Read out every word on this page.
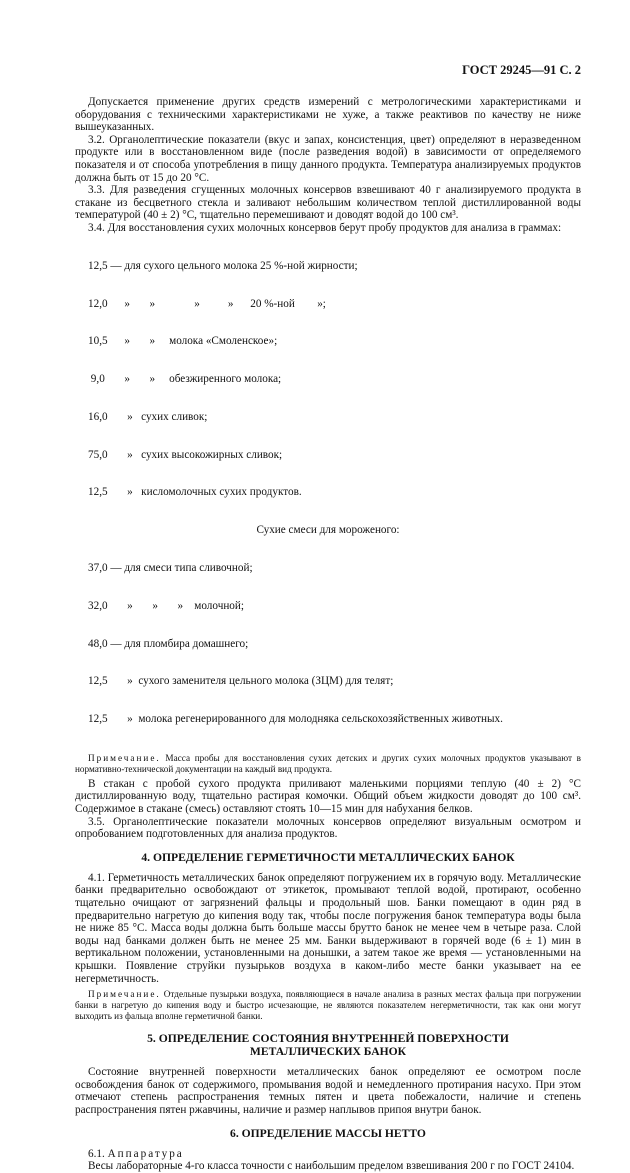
ГОСТ 29245—91 С. 2

Допускается применение других средств измерений с метрологическими характеристиками и оборудования с техническими характеристиками не хуже, а также реактивов по качеству не ниже вышеуказанных.

3.2. Органолептические показатели (вкус и запах, консистенция, цвет) определяют в неразведенном продукте или в восстановленном виде (после разведения водой) в зависимости от определяемого показателя и от способа употребления в пищу данного продукта. Температура анализируемых продуктов должна быть от 15 до 20 °С.

3.3. Для разведения сгущенных молочных консервов взвешивают 40 г анализируемого продукта в стакане из бесцветного стекла и заливают небольшим количеством теплой дистиллированной воды температурой (40 ± 2) °С, тщательно перемешивают и доводят водой до 100 см³.

3.4. Для восстановления сухих молочных консервов берут пробу продуктов для анализа в граммах:

12,5 — для сухого цельного молока 25 %-ной жирности;

12,0      »       »              »          »      20 %-ной        »;

10,5      »       »     молока «Смоленское»;

9,0       »       »     обезжиренного молока;

16,0       »   сухих сливок;

75,0       »   сухих высокожирных сливок;

12,5       »   кисломолочных сухих продуктов.

Сухие смеси для мороженого:

37,0 — для смеси типа сливочной;

32,0       »       »       »    молочной;

48,0 — для пломбира домашнего;

12,5       »  сухого заменителя цельного молока (ЗЦМ) для телят;

12,5       »  молока регенерированного для молодняка сельскохозяйственных животных.

Примечание. Масса пробы для восстановления сухих детских и других сухих молочных продуктов указывают в нормативно-технической документации на каждый вид продукта.

В стакан с пробой сухого продукта приливают маленькими порциями теплую (40 ± 2) °С дистиллированную воду, тщательно растирая комочки. Общий объем жидкости доводят до 100 см³. Содержимое в стакане (смесь) оставляют стоять 10—15 мин для набухания белков.

3.5. Органолептические показатели молочных консервов определяют визуальным осмотром и опробованием подготовленных для анализа продуктов.

4. ОПРЕДЕЛЕНИЕ ГЕРМЕТИЧНОСТИ МЕТАЛЛИЧЕСКИХ БАНОК

4.1. Герметичность металлических банок определяют погружением их в горячую воду. Металлические банки предварительно освобождают от этикеток, промывают теплой водой, протирают, особенно тщательно очищают от загрязнений фальцы и продольный шов. Банки помещают в один ряд в предварительно нагретую до кипения воду так, чтобы после погружения банок температура воды была не ниже 85 °С. Масса воды должна быть больше массы брутто банок не менее чем в четыре раза. Слой воды над банками должен быть не менее 25 мм. Банки выдерживают в горячей воде (6 ± 1) мин в вертикальном положении, установленными на донышки, а затем такое же время — установленными на крышки. Появление струйки пузырьков воздуха в каком-либо месте банки указывает на ее негерметичность.

Примечание. Отдельные пузырьки воздуха, появляющиеся в начале анализа в разных местах фальца при погружении банки в нагретую до кипения воду и быстро исчезающие, не являются показателем негерметичности, так как они могут выходить из фальца вполне герметичной банки.

5. ОПРЕДЕЛЕНИЕ СОСТОЯНИЯ ВНУТРЕННЕЙ ПОВЕРХНОСТИ
МЕТАЛЛИЧЕСКИХ БАНОК

Состояние внутренней поверхности металлических банок определяют ее осмотром после освобождения банок от содержимого, промывания водой и немедленного протирания насухо. При этом отмечают степень распространения темных пятен и цвета побежалости, наличие и степень распространения пятен ржавчины, наличие и размер наплывов припоя внутри банок.

6. ОПРЕДЕЛЕНИЕ МАССЫ НЕТТО

6.1. Аппаратура

Весы лабораторные 4-го класса точности с наибольшим пределом взвешивания 200 г по ГОСТ 24104.
